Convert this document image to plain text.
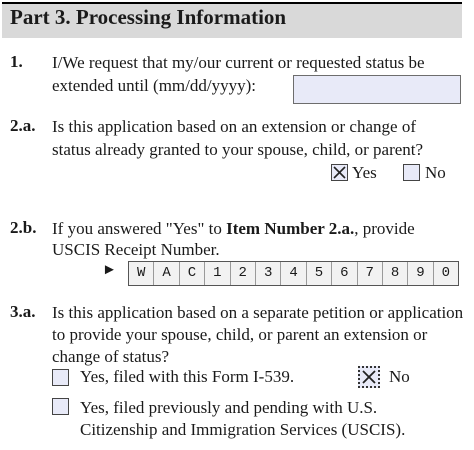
Part 3. Processing Information
1. I/We request that my/our current or requested status be
extended until (mm/dd/yyyy):
2.a. Is this application based on an extension or change of
status already granted to your spouse, child, or parent?
Yes	No
2.b. If you answered "Yes" to Item Number 2.a., provide
USCIS Receipt Number.
►	W	A	C	1	2	3	4	5	6	7	8	9	0
3.a. Is this application based on a separate petition or application
to provide your spouse, child, or parent an extension or
change of status?
Yes, filed with this Form I-539.	No
Yes, filed previously and pending with U.S.
Citizenship and Immigration Services (USCIS).
